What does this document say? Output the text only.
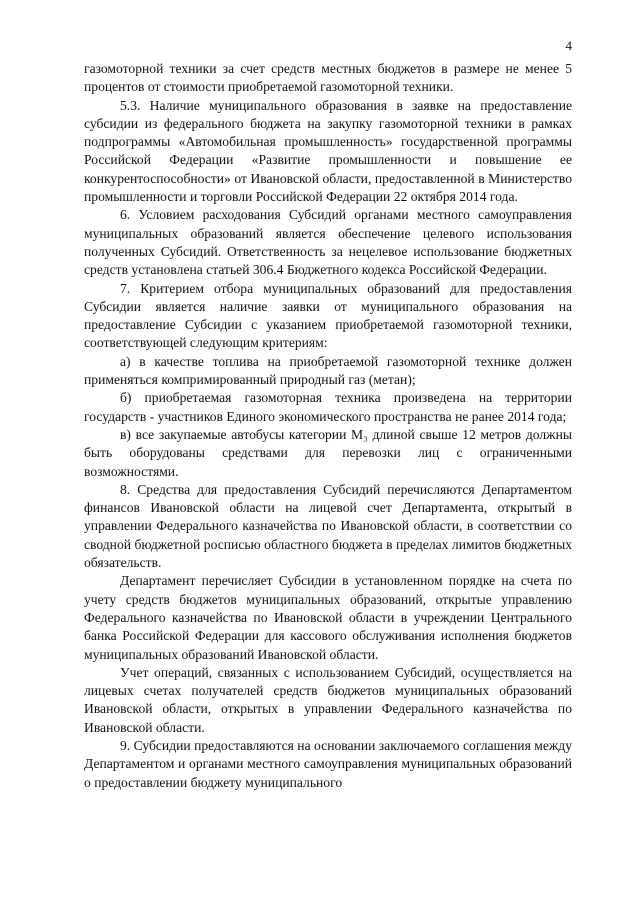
4

газомоторной техники за счет средств местных бюджетов в размере не менее 5 процентов от стоимости приобретаемой газомоторной техники.

5.3. Наличие муниципального образования в заявке на предоставление субсидии из федерального бюджета на закупку газомоторной техники в рамках подпрограммы «Автомобильная промышленность» государственной программы Российской Федерации «Развитие промышленности и повышение ее конкурентоспособности» от Ивановской области, предоставленной в Министерство промышленности и торговли Российской Федерации 22 октября 2014 года.

6. Условием расходования Субсидий органами местного самоуправления муниципальных образований является обеспечение целевого использования полученных Субсидий. Ответственность за нецелевое использование бюджетных средств установлена статьей 306.4 Бюджетного кодекса Российской Федерации.

7. Критерием отбора муниципальных образований для предоставления Субсидии является наличие заявки от муниципального образования на предоставление Субсидии с указанием приобретаемой газомоторной техники, соответствующей следующим критериям:

а) в качестве топлива на приобретаемой газомоторной технике должен применяться компримированный природный газ (метан);

б) приобретаемая газомоторная техника произведена на территории государств - участников Единого экономического пространства не ранее 2014 года;

в) все закупаемые автобусы категории М₃ длиной свыше 12 метров должны быть оборудованы средствами для перевозки лиц с ограниченными возможностями.

8. Средства для предоставления Субсидий перечисляются Департаментом финансов Ивановской области на лицевой счет Департамента, открытый в управлении Федерального казначейства по Ивановской области, в соответствии со сводной бюджетной росписью областного бюджета в пределах лимитов бюджетных обязательств.

Департамент перечисляет Субсидии в установленном порядке на счета по учету средств бюджетов муниципальных образований, открытые управлению Федерального казначейства по Ивановской области в учреждении Центрального банка Российской Федерации для кассового обслуживания исполнения бюджетов муниципальных образований Ивановской области.

Учет операций, связанных с использованием Субсидий, осуществляется на лицевых счетах получателей средств бюджетов муниципальных образований Ивановской области, открытых в управлении Федерального казначейства по Ивановской области.

9. Субсидии предоставляются на основании заключаемого соглашения между Департаментом и органами местного самоуправления муниципальных образований о предоставлении бюджету муниципального
